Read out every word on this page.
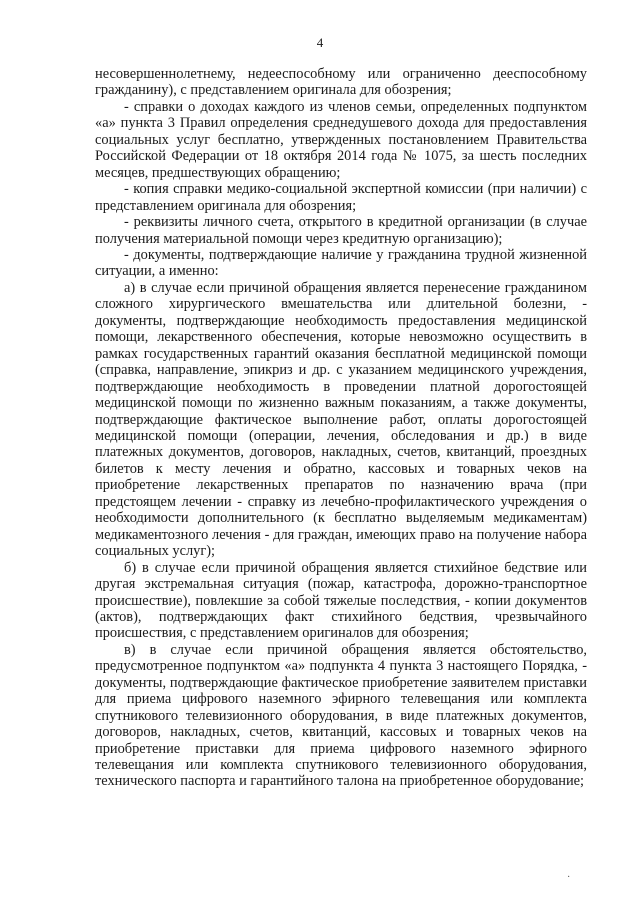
4

несовершеннолетнему, недееспособному или ограниченно дееспособному гражданину), с представлением оригинала для обозрения;

- справки о доходах каждого из членов семьи, определенных подпунктом «а» пункта 3 Правил определения среднедушевого дохода для предоставления социальных услуг бесплатно, утвержденных постановлением Правительства Российской Федерации от 18 октября 2014 года № 1075, за шесть последних месяцев, предшествующих обращению;

- копия справки медико-социальной экспертной комиссии (при наличии) с представлением оригинала для обозрения;

- реквизиты личного счета, открытого в кредитной организации (в случае получения материальной помощи через кредитную организацию);

- документы, подтверждающие наличие у гражданина трудной жизненной ситуации, а именно:

а) в случае если причиной обращения является перенесение гражданином сложного хирургического вмешательства или длительной болезни, - документы, подтверждающие необходимость предоставления медицинской помощи, лекарственного обеспечения, которые невозможно осуществить в рамках государственных гарантий оказания бесплатной медицинской помощи (справка, направление, эпикриз и др. с указанием медицинского учреждения, подтверждающие необходимость в проведении платной дорогостоящей медицинской помощи по жизненно важным показаниям, а также документы, подтверждающие фактическое выполнение работ, оплаты дорогостоящей медицинской помощи (операции, лечения, обследования и др.) в виде платежных документов, договоров, накладных, счетов, квитанций, проездных билетов к месту лечения и обратно, кассовых и товарных чеков на приобретение лекарственных препаратов по назначению врача (при предстоящем лечении - справку из лечебно-профилактического учреждения о необходимости дополнительного (к бесплатно выделяемым медикаментам) медикаментозного лечения - для граждан, имеющих право на получение набора социальных услуг);

б) в случае если причиной обращения является стихийное бедствие или другая экстремальная ситуация (пожар, катастрофа, дорожно-транспортное происшествие), повлекшие за собой тяжелые последствия, - копии документов (актов), подтверждающих факт стихийного бедствия, чрезвычайного происшествия, с представлением оригиналов для обозрения;

в) в случае если причиной обращения является обстоятельство, предусмотренное подпунктом «а» подпункта 4 пункта 3 настоящего Порядка, - документы, подтверждающие фактическое приобретение заявителем приставки для приема цифрового наземного эфирного телевещания или комплекта спутникового телевизионного оборудования, в виде платежных документов, договоров, накладных, счетов, квитанций, кассовых и товарных чеков на приобретение приставки для приема цифрового наземного эфирного телевещания или комплекта спутникового телевизионного оборудования, технического паспорта и гарантийного талона на приобретенное оборудование;

·
